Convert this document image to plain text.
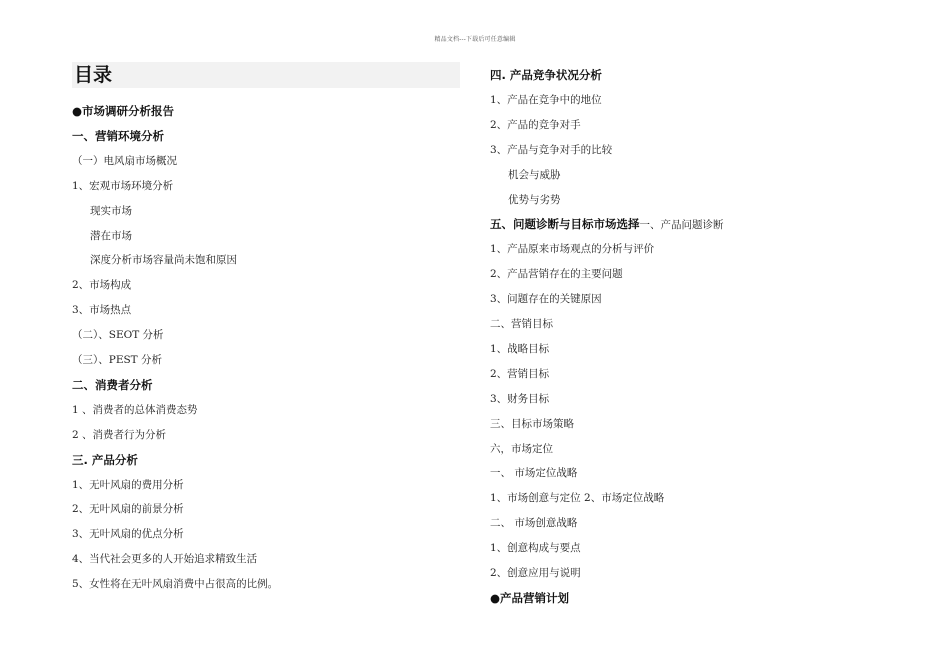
精品文档---下载后可任意编辑
目录
●市场调研分析报告
一、营销环境分析
（一）电风扇市场概况
1、宏观市场环境分析
现实市场
潜在市场
深度分析市场容量尚未饱和原因
2、市场构成
3、市场热点
（二）、SEOT 分析
（三）、PEST 分析
二、消费者分析
1 、消费者的总体消费态势
2 、消费者行为分析
三. 产品分析
1、无叶风扇的费用分析
2、无叶风扇的前景分析
3、无叶风扇的优点分析
4、当代社会更多的人开始追求精致生活
5、女性将在无叶风扇消费中占很高的比例。
四. 产品竞争状况分析
1、产品在竞争中的地位
2、产品的竞争对手
3、产品与竞争对手的比较
机会与威胁
优势与劣势
五、问题诊断与目标市场选择一、产品问题诊断
1、产品原来市场观点的分析与评价
2、产品营销存在的主要问题
3、问题存在的关键原因
二、营销目标
1、战略目标
2、营销目标
3、财务目标
三、目标市场策略
六，市场定位
一、 市场定位战略
1、市场创意与定位 2、市场定位战略
二、 市场创意战略
1、创意构成与要点
2、创意应用与说明
●产品营销计划
